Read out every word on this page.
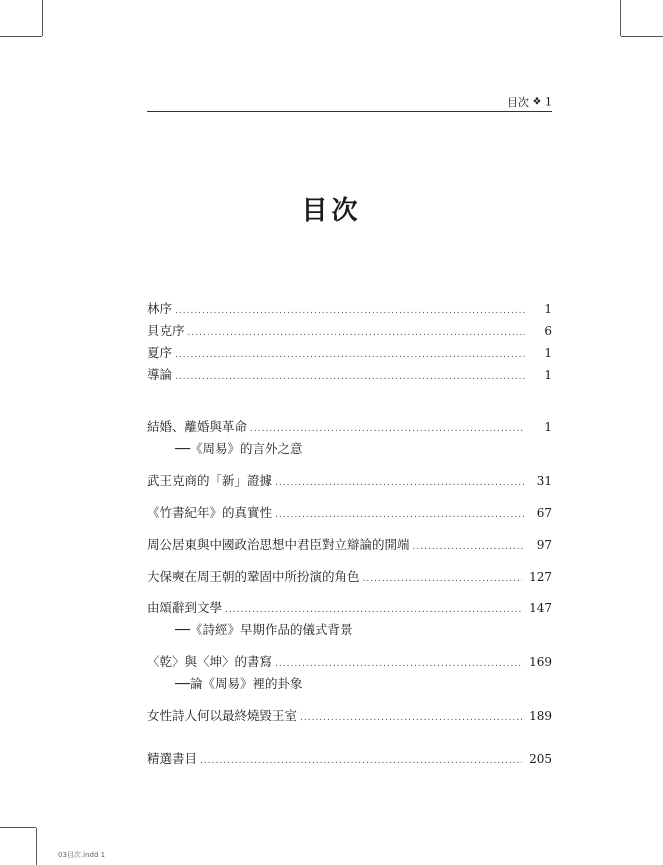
目次 ❖ 1
目次
林序 .....	1
貝克序 .....	6
夏序 .....	1
導論 .....	1
結婚、離婚與革命 .....	1
──《周易》的言外之意
武王克商的「新」證據 .....	31
《竹書紀年》的真實性 .....	67
周公居東與中國政治思想中君臣對立辯論的開端 .....	97
大保奭在周王朝的鞏固中所扮演的角色 .....	127
由頌辭到文學 .....	147
──《詩經》早期作品的儀式背景
〈乾〉與〈坤〉的書寫 .....	169
──論《周易》裡的卦象
女性詩人何以最終燒毀王室 .....	189
精選書目 .....	205
03目次.indd 1
